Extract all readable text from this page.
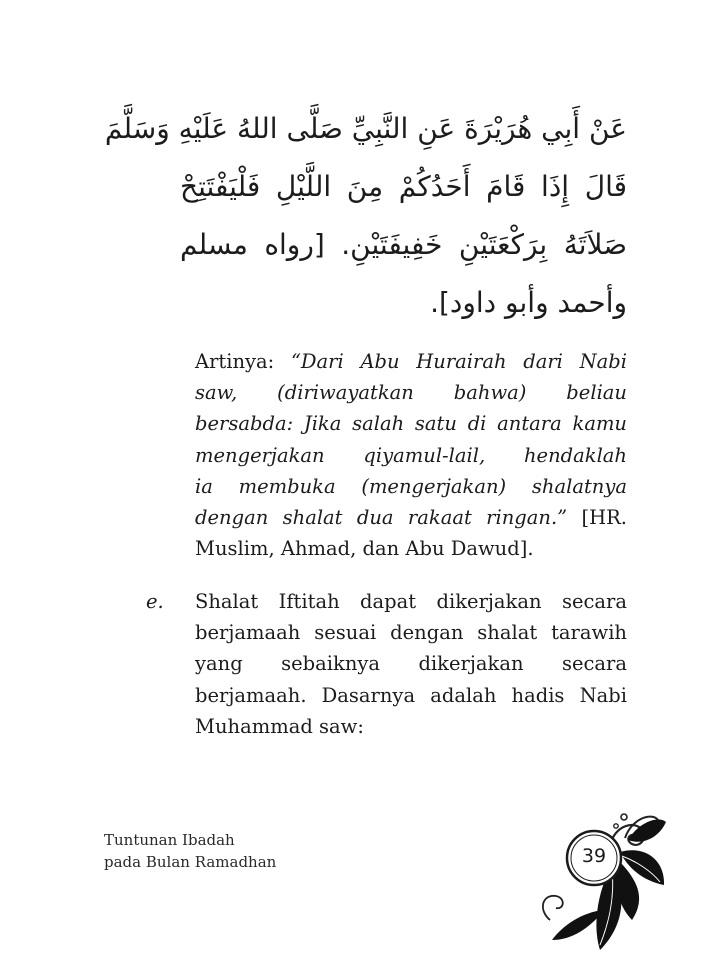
عَنْ أَبِي هُرَيْرَةَ عَنِ النَّبِيِّ صَلَّى اللهُ عَلَيْهِ وَسَلَّمَ
قَالَ إِذَا قَامَ أَحَدُكُمْ مِنَ اللَّيْلِ فَلْيَفْتَتِحْ
صَلاَتَهُ بِرَكْعَتَيْنِ خَفِيفَتَيْنِ. [رواه مسلم
وأحمد وأبو داود].
Artinya: “Dari Abu Hurairah dari Nabi
saw, (diriwayatkan bahwa) beliau
bersabda: Jika salah satu di antara kamu
mengerjakan qiyamul-lail, hendaklah
ia membuka (mengerjakan) shalatnya
dengan shalat dua rakaat ringan.” [HR.
Muslim, Ahmad, dan Abu Dawud].
e. Shalat Iftitah dapat dikerjakan secara
berjamaah sesuai dengan shalat tarawih
yang sebaiknya dikerjakan secara
berjamaah. Dasarnya adalah hadis Nabi
Muhammad saw:
Tuntunan Ibadah
pada Bulan Ramadhan	39
